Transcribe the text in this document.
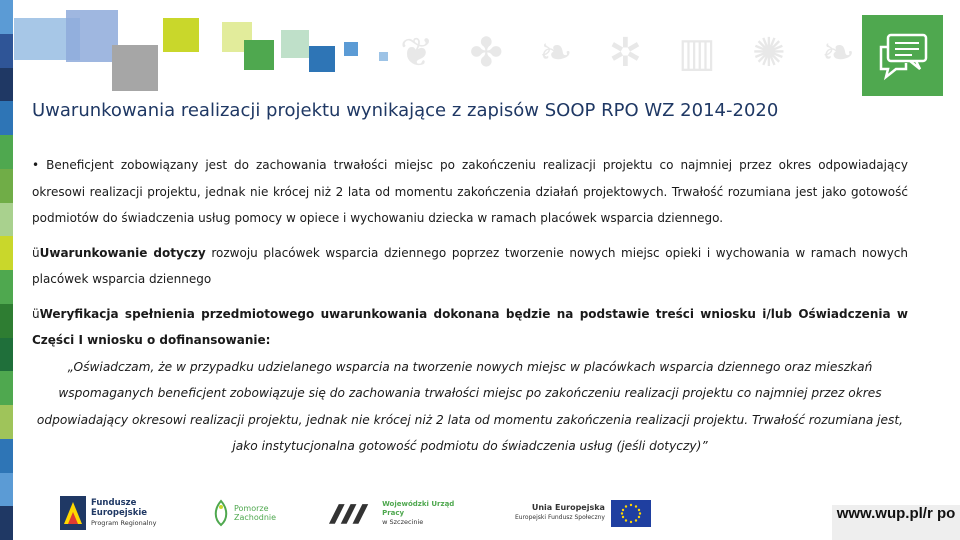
❦ ✤ ❧ ✲ ▥ ✺ ❧
Uwarunkowania realizacji projektu wynikające z zapisów SOOP RPO WZ 2014-2020

• Beneficjent zobowiązany jest do zachowania trwałości miejsc po zakończeniu realizacji projektu co najmniej przez okres odpowiadający okresowi realizacji projektu, jednak nie krócej niż 2 lata od momentu zakończenia działań projektowych. Trwałość rozumiana jest jako gotowość podmiotów do świadczenia usług pomocy w opiece i wychowaniu dziecka w ramach placówek wsparcia dziennego.

üUwarunkowanie dotyczy rozwoju placówek wsparcia dziennego poprzez tworzenie nowych miejsc opieki i wychowania w ramach nowych placówek wsparcia dziennego

üWeryfikacja spełnienia przedmiotowego uwarunkowania dokonana będzie na podstawie treści wniosku i/lub Oświadczenia w Części I wniosku o dofinansowanie:

„Oświadczam, że w przypadku udzielanego wsparcia na tworzenie nowych miejsc w placówkach wsparcia dziennego oraz mieszkań wspomaganych beneficjent zobowiązuje się do zachowania trwałości miejsc po zakończeniu realizacji projektu co najmniej przez okres odpowiadający okresowi realizacji projektu, jednak nie krócej niż 2 lata od momentu zakończenia realizacji projektu. Trwałość rozumiana jest, jako instytucjonalna gotowość podmiotu do świadczenia usług (jeśli dotyczy)”

Fundusze
Europejskie
Program Regionalny
Pomorze
Zachodnie
Wojewódzki Urząd Pracy
w Szczecinie
Unia Europejska
Europejski Fundusz Społeczny	www.wup.pl/r po
